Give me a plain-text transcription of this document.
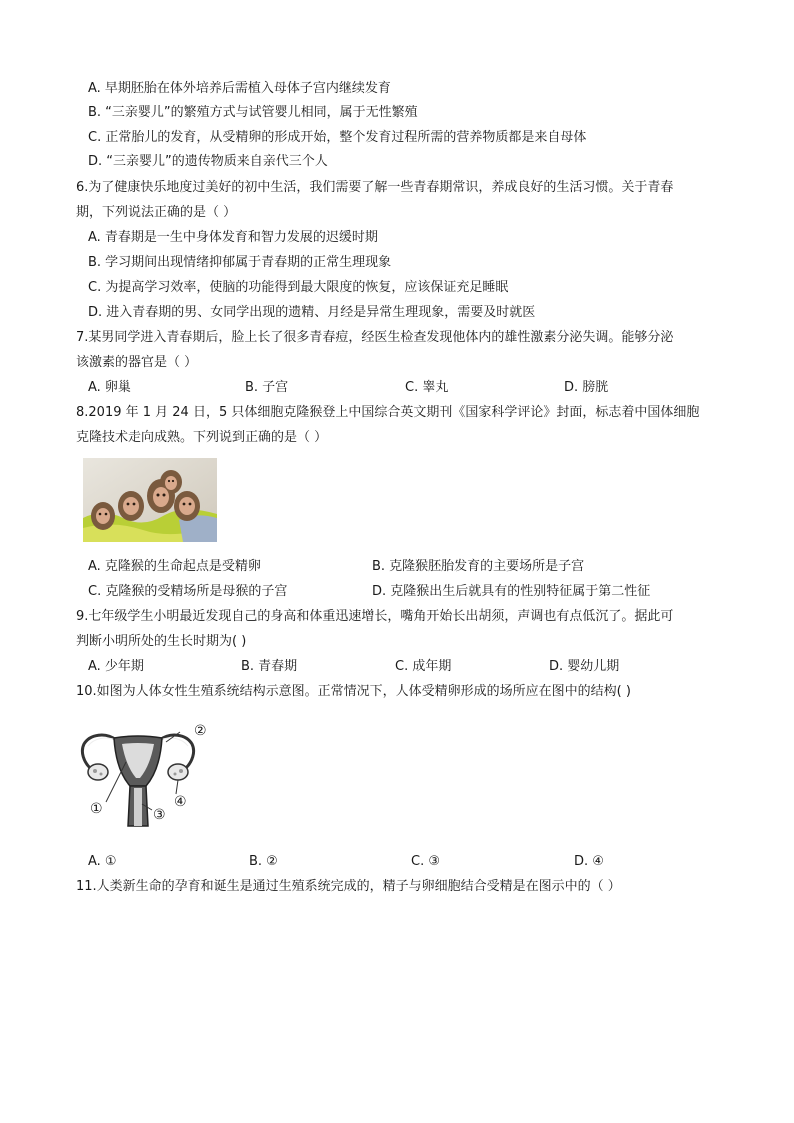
A. 早期胚胎在体外培养后需植入母体子宫内继续发育
B. “三亲婴儿”的繁殖方式与试管婴儿相同，属于无性繁殖
C. 正常胎儿的发育，从受精卵的形成开始，整个发育过程所需的营养物质都是来自母体
D. “三亲婴儿”的遗传物质来自亲代三个人
6.为了健康快乐地度过美好的初中生活，我们需要了解一些青春期常识，养成良好的生活习惯。关于青春
期，下列说法正确的是（ ）
A. 青春期是一生中身体发育和智力发展的迟缓时期
B. 学习期间出现情绪抑郁属于青春期的正常生理现象
C. 为提高学习效率，使脑的功能得到最大限度的恢复，应该保证充足睡眠
D. 进入青春期的男、女同学出现的遗精、月经是异常生理现象，需要及时就医
7.某男同学进入青春期后，脸上长了很多青春痘，经医生检查发现他体内的雄性激素分泌失调。能够分泌
该激素的器官是（ ）
A. 卵巢	B. 子宫	C. 睾丸	D. 膀胱
8.2019 年 1 月 24 日，5 只体细胞克隆猴登上中国综合英文期刊《国家科学评论》封面，标志着中国体细胞
克隆技术走向成熟。下列说到正确的是（ ）
A. 克隆猴的生命起点是受精卵	B. 克隆猴胚胎发育的主要场所是子宫
C. 克隆猴的受精场所是母猴的子宫	D. 克隆猴出生后就具有的性别特征属于第二性征
9.七年级学生小明最近发现自己的身高和体重迅速增长，嘴角开始长出胡须，声调也有点低沉了。据此可
判断小明所处的生长时期为( )
A. 少年期	B. 青春期	C. 成年期	D. 婴幼儿期
10.如图为人体女性生殖系统结构示意图。正常情况下，人体受精卵形成的场所应在图中的结构( )
②
①	③
④
A. ①	B. ②	C. ③	D. ④
11.人类新生命的孕育和诞生是通过生殖系统完成的，精子与卵细胞结合受精是在图示中的（ ）
